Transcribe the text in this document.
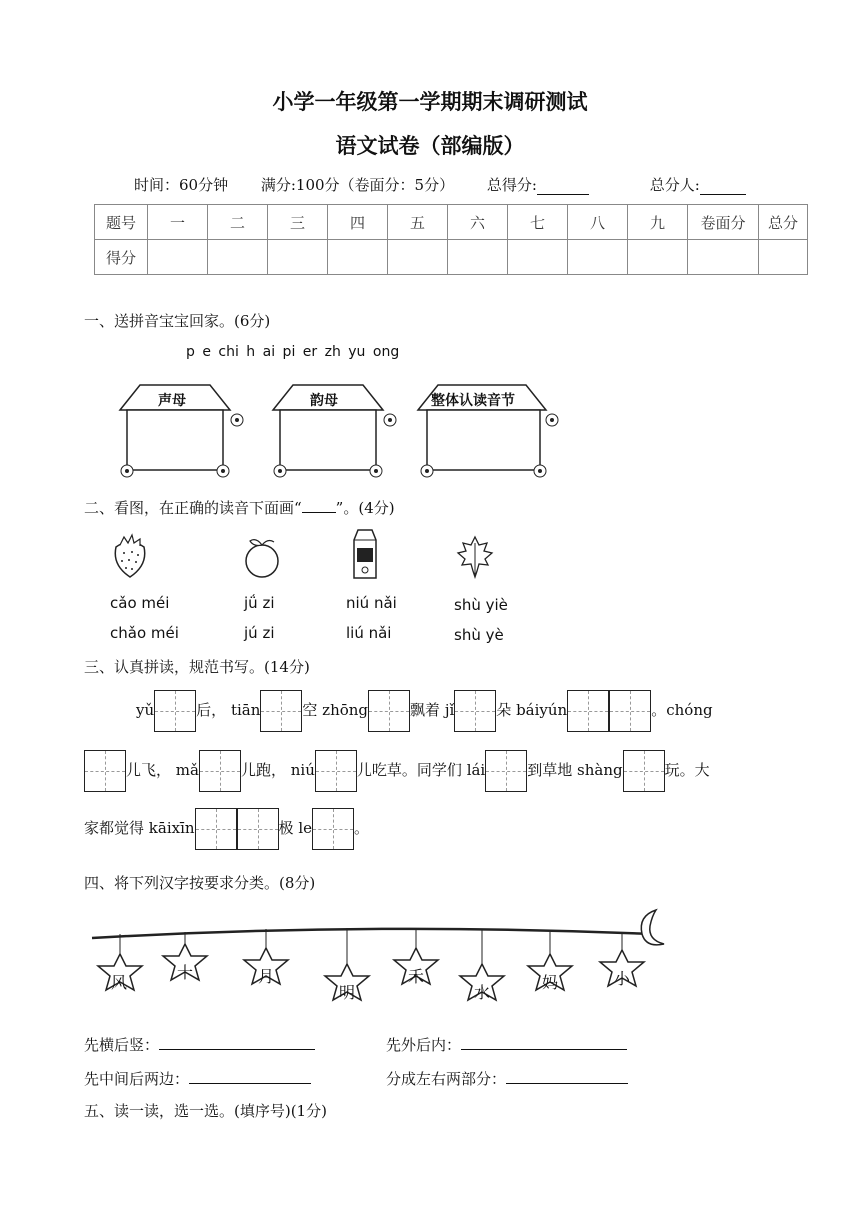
小学一年级第一学期期末调研测试
语文试卷（部编版）
时间：60分钟 满分:100分（卷面分：5分） 总得分:	总分人:
题号	一	二	三	四	五	六	七	八	九	卷面分	总分
得分											
一、送拼音宝宝回家。(6分)
p e chi h ai pi er zh yu ong
声母	韵母	整体认读音节
二、看图，在正确的读音下面画“ ”。(4分)
cǎo méi
chǎo méi
jǘ zi
jú zi
niú nǎi
liú nǎi
shù yiè
shù yè
三、认真拼读，规范书写。(14分)
yǔ	后， tiān	空 zhōng	飘着 jǐ	朵 báiyún	。chóng
儿飞， mǎ	儿跑， niú	儿吃草。同学们 lái	到草地 shàng	玩。大
家都觉得 kāixīn	极 le	。
四、将下列汉字按要求分类。(8分)
风
十	月
明
禾
水
妈	小
先横后竖：	先外后内：
先中间后两边：	分成左右两部分：
五、读一读，选一选。(填序号)(1分)
